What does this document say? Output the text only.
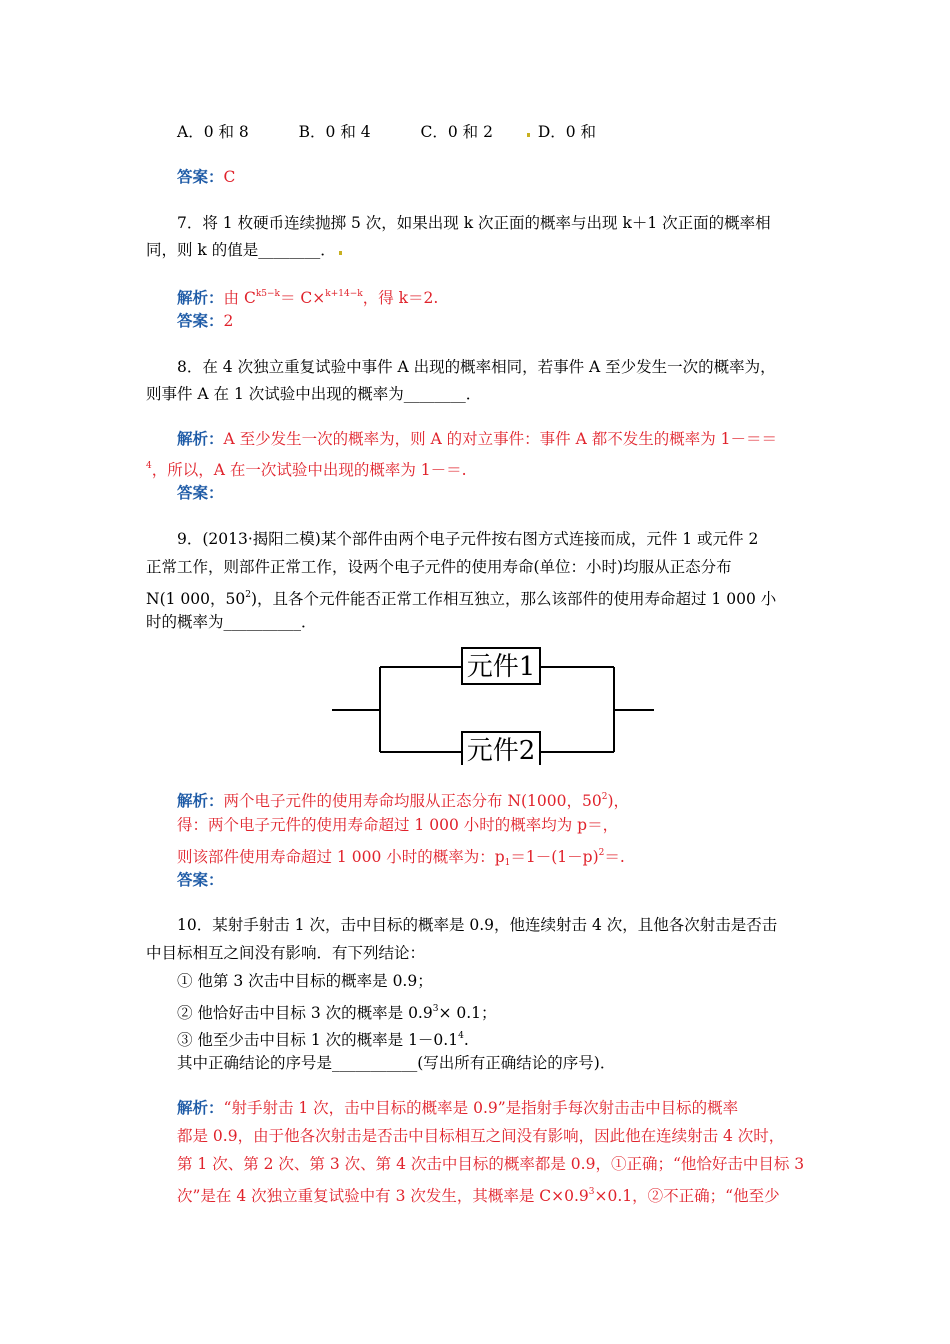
A．0 和 8	B．0 和 4	C．0 和 2	D．0 和
答案：C
7．将 1 枚硬币连续抛掷 5 次，如果出现 k 次正面的概率与出现 k＋1 次正面的概率相
同，则 k 的值是________．
解析：由 $C^{k5-k}= C\times^{k+14-k}$，得 k＝2.
答案：2
8．在 4 次独立重复试验中事件 A 出现的概率相同，若事件 A 至少发生一次的概率为，
则事件 A 在 1 次试验中出现的概率为________．
解析：A 至少发生一次的概率为，则 A 的对立事件：事件 A 都不发生的概率为 1－＝＝
$^4$，所以，A 在一次试验中出现的概率为 1－＝.
答案：
9．(2013·揭阳二模)某个部件由两个电子元件按右图方式连接而成，元件 1 或元件 2
正常工作，则部件正常工作，设两个电子元件的使用寿命(单位：小时)均服从正态分布
N(1 000，$50^2$)，且各个元件能否正常工作相互独立，那么该部件的使用寿命超过 1 000 小
时的概率为__________．
元件1
元件2
解析：两个电子元件的使用寿命均服从正态分布 N(1000，$50^2$)，
得：两个电子元件的使用寿命超过 1 000 小时的概率均为 p＝，
则该部件使用寿命超过 1 000 小时的概率为：$p1=1-(1-p)^2=$.
答案：
10．某射手射击 1 次，击中目标的概率是 0.9，他连续射击 4 次，且他各次射击是否击
中目标相互之间没有影响．有下列结论：
① 他第 3 次击中目标的概率是 0.9；
② 他恰好击中目标 3 次的概率是 $0.9^3\times 0.1$；
③ 他至少击中目标 1 次的概率是 $1-0.1^4$.
其中正确结论的序号是___________(写出所有正确结论的序号)．
解析：“射手射击 1 次，击中目标的概率是 0.9”是指射手每次射击击中目标的概率
都是 0.9，由于他各次射击是否击中目标相互之间没有影响，因此他在连续射击 4 次时，
第 1 次、第 2 次、第 3 次、第 4 次击中目标的概率都是 0.9，①正确；“他恰好击中目标 3
次”是在 4 次独立重复试验中有 3 次发生，其概率是 $C\times 0.9^3\times 0.1$，②不正确；“他至少
